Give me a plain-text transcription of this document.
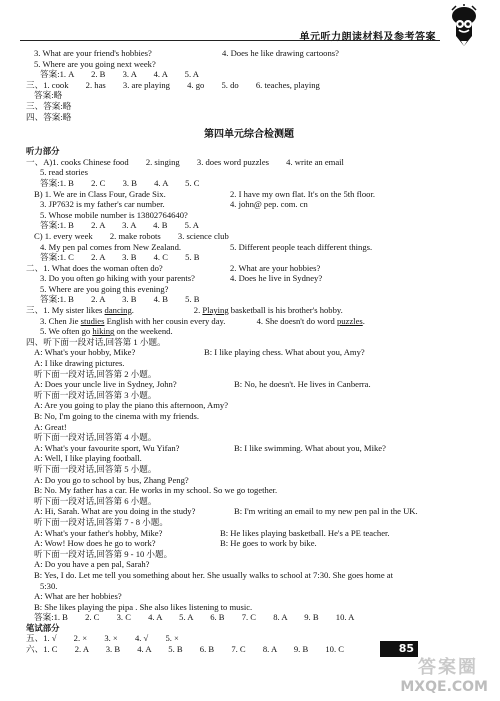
单元听力朗读材料及参考答案
3. What are your friend's hobbies?	4. Does he like drawing cartoons?
5. Where are you going next week?
答案:1. A　　2. B　　3. A　　4. A　　5. A
三、1. cook　　2. has　　3. are playing　　4. go　　5. do　　6. teaches, playing
答案:略
三、答案:略
四、答案:略
第四单元综合检测题
听力部分
一、A)1. cooks Chinese food　　2. singing　　3. does word puzzles　　4. write an email
5. read stories
答案:1. B　　2. C　　3. B　　4. A　　5. C
B) 1. We are in Class Four, Grade Six.	2. I have my own flat. It's on the 5th floor.
3. JP7632 is my father's car number.	4. john@ pep. com. cn
5. Whose mobile number is 13802764640?
答案:1. B　　2. A　　3. A　　4. B　　5. A
C) 1. every week　　2. make robots　　3. science club
4. My pen pal comes from New Zealand.	5. Different people teach different things.
答案:1. C　　2. A　　3. B　　4. C　　5. B
二、1. What does the woman often do?	2. What are your hobbies?
3. Do you often go hiking with your parents?	4. Does he live in Sydney?
5. Where are you going this evening?
答案:1. B　　2. A　　3. B　　4. B　　5. B
三、1. My sister likes dancing.	2. Playing basketball is his brother's hobby.
3. Chen Jie studies English with her cousin every day.	4. She doesn't do word puzzles.
5. We often go hiking on the weekend.
四、听下面一段对话,回答第 1 小题。
A: What's your hobby, Mike?	B: I like playing chess. What about you, Amy?
A: I like drawing pictures.
听下面一段对话,回答第 2 小题。
A: Does your uncle live in Sydney, John?	B: No, he doesn't. He lives in Canberra.
听下面一段对话,回答第 3 小题。
A: Are you going to play the piano this afternoon, Amy?
B: No, I'm going to the cinema with my friends.
A: Great!
听下面一段对话,回答第 4 小题。
A: What's your favourite sport, Wu Yifan?	B: I like swimming. What about you, Mike?
A: Well, I like playing football.
听下面一段对话,回答第 5 小题。
A: Do you go to school by bus, Zhang Peng?
B: No. My father has a car. He works in my school. So we go together.
听下面一段对话,回答第 6 小题。
A: Hi, Sarah. What are you doing in the study?	B: I'm writing an email to my new pen pal in the UK.
听下面一段对话,回答第 7 - 8 小题。
A: What's your father's hobby, Mike?	B: He likes playing basketball. He's a PE teacher.
A: Wow! How does he go to work?	B: He goes to work by bike.
听下面一段对话,回答第 9 - 10 小题。
A: Do you have a pen pal, Sarah?
B: Yes, I do. Let me tell you something about her. She usually walks to school at 7:30. She goes home at
5:30.
A: What are her hobbies?
B: She likes playing the pipa . She also likes listening to music.
答案:1. B　　2. C　　3. C　　4. A　　5. A　　6. B　　7. C　　8. A　　9. B　　10. A
笔试部分
五、1. √　　2. ×　　3. ×　　4. √　　5. ×
六、1. C　　2. A　　3. B　　4. A　　5. B　　6. B　　7. C　　8. A　　9. B　　10. C	85
答案圈
MXQE.COM
